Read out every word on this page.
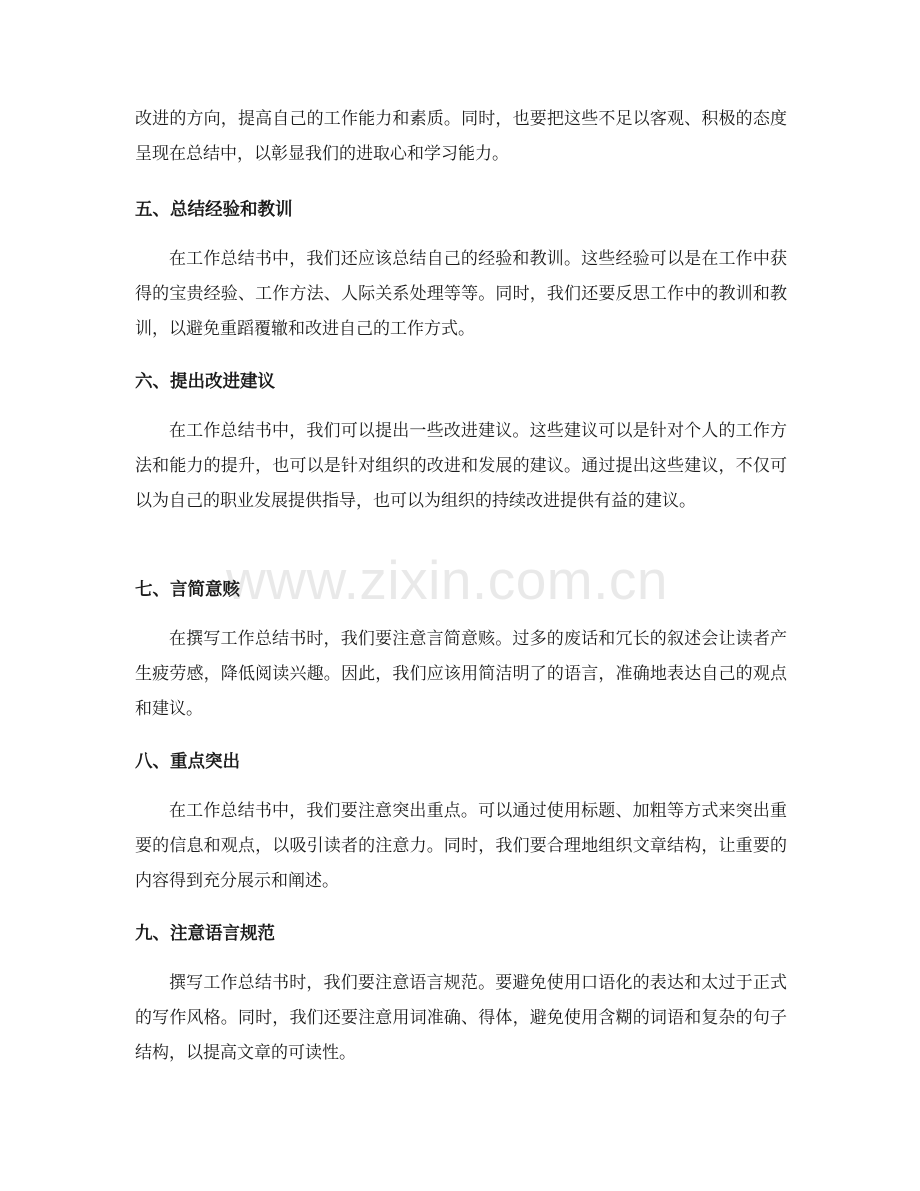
改进的方向，提高自己的工作能力和素质。同时，也要把这些不足以客观、积极的态度呈现在总结中，以彰显我们的进取心和学习能力。

五、总结经验和教训

在工作总结书中，我们还应该总结自己的经验和教训。这些经验可以是在工作中获得的宝贵经验、工作方法、人际关系处理等等。同时，我们还要反思工作中的教训和教训，以避免重蹈覆辙和改进自己的工作方式。

六、提出改进建议

在工作总结书中，我们可以提出一些改进建议。这些建议可以是针对个人的工作方法和能力的提升，也可以是针对组织的改进和发展的建议。通过提出这些建议，不仅可以为自己的职业发展提供指导，也可以为组织的持续改进提供有益的建议。

七、言简意赅

在撰写工作总结书时，我们要注意言简意赅。过多的废话和冗长的叙述会让读者产生疲劳感，降低阅读兴趣。因此，我们应该用简洁明了的语言，准确地表达自己的观点和建议。

八、重点突出

在工作总结书中，我们要注意突出重点。可以通过使用标题、加粗等方式来突出重要的信息和观点，以吸引读者的注意力。同时，我们要合理地组织文章结构，让重要的内容得到充分展示和阐述。

九、注意语言规范

撰写工作总结书时，我们要注意语言规范。要避免使用口语化的表达和太过于正式的写作风格。同时，我们还要注意用词准确、得体，避免使用含糊的词语和复杂的句子结构，以提高文章的可读性。

www.zixin.com.cn
